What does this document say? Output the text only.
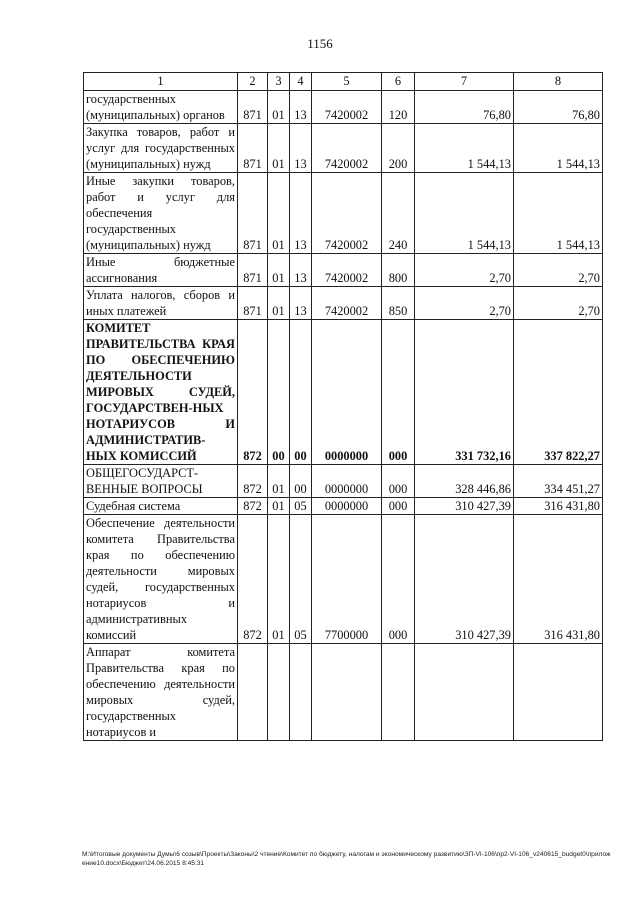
1156
1	2	3	4	5	6	7	8
государственных (муниципальных) органов	871	01	13	7420002	120	76,80	76,80
Закупка товаров, работ и услуг для государственных (муниципальных) нужд	871	01	13	7420002	200	1 544,13	1 544,13
Иные закупки товаров, работ и услуг для обеспечения государственных (муниципальных) нужд	871	01	13	7420002	240	1 544,13	1 544,13
Иные бюджетные ассигнования	871	01	13	7420002	800	2,70	2,70
Уплата налогов, сборов и иных платежей	871	01	13	7420002	850	2,70	2,70
КОМИТЕТ ПРАВИТЕЛЬСТВА КРАЯ ПО ОБЕСПЕЧЕНИЮ ДЕЯТЕЛЬНОСТИ МИРОВЫХ СУДЕЙ, ГОСУДАРСТВЕН-НЫХ НОТАРИУСОВ И АДМИНИСТРАТИВ-НЫХ КОМИССИЙ	872	00	00	0000000	000	331 732,16	337 822,27
ОБЩЕГОСУДАРСТ-ВЕННЫЕ ВОПРОСЫ	872	01	00	0000000	000	328 446,86	334 451,27
Судебная система	872	01	05	0000000	000	310 427,39	316 431,80
Обеспечение деятельности комитета Правительства края по обеспечению деятельности мировых судей, государственных нотариусов и административных комиссий	872	01	05	7700000	000	310 427,39	316 431,80
Аппарат комитета Правительства края по обеспечению деятельности мировых судей, государственных нотариусов и							
M:\Итоговые документы Думы\6 созыв\Проекты\Законы\2 чтение\Комитет по бюджету, налогам и экономическому развитию\ЗП-VI-106\пр2-VI-106_v240615_budget0\приложение10.docx\Бюджет\24.06.2015 8:45:31
